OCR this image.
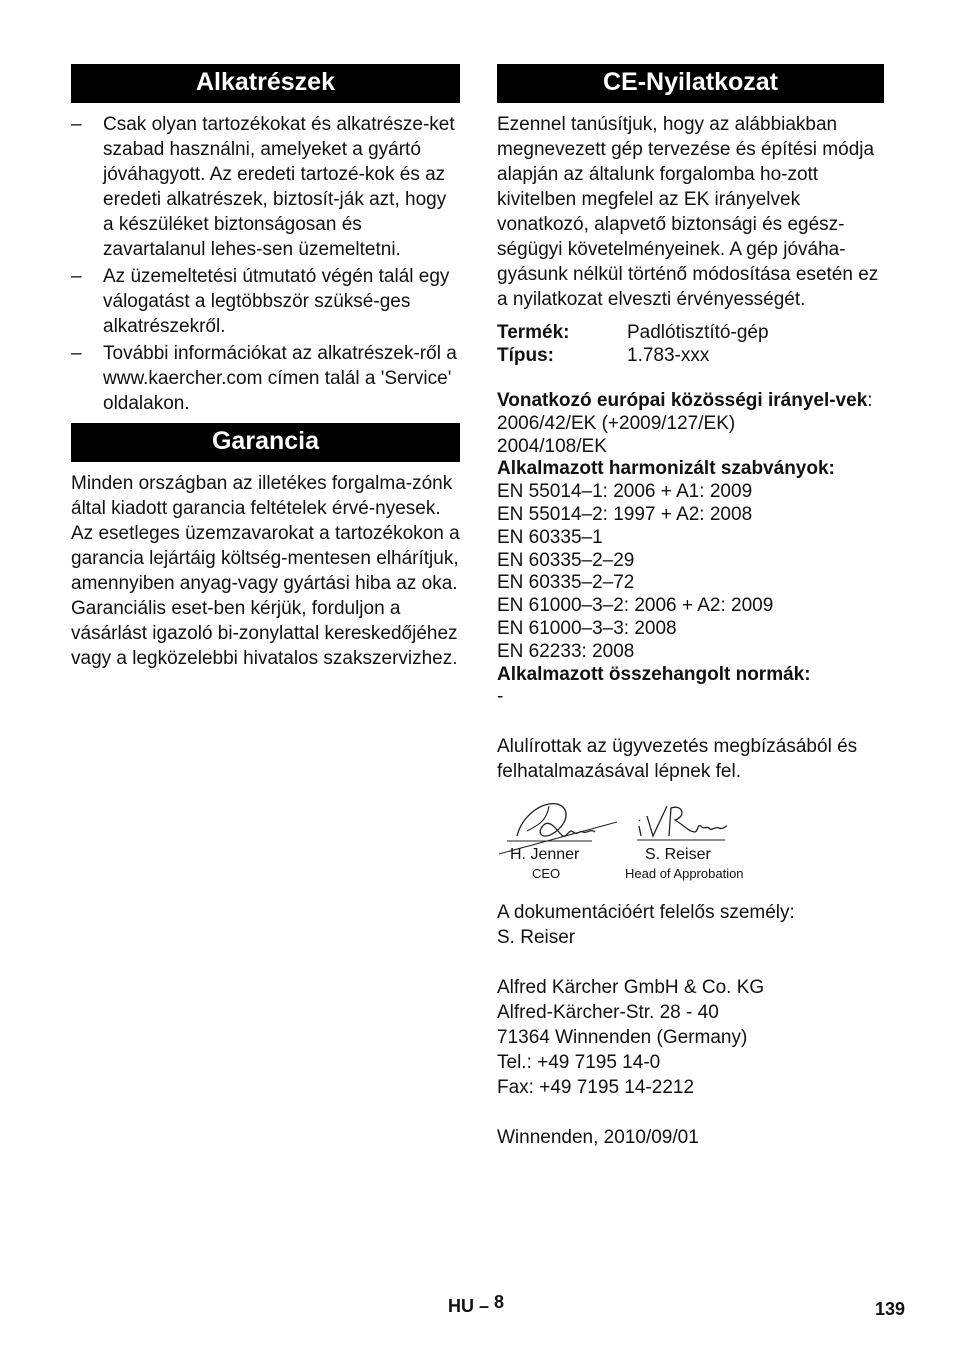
Alkatrészek
–	Csak olyan tartozékokat és alkatrésze-ket szabad használni, amelyeket a gyártó jóváhagyott. Az eredeti tartozé-kok és az eredeti alkatrészek, biztosít-ják azt, hogy a készüléket biztonságosan és zavartalanul lehes-sen üzemeltetni.
–	Az üzemeltetési útmutató végén talál egy válogatást a legtöbbször szüksé-ges alkatrészekről.
–	További információkat az alkatrészek-ről a www.kaercher.com címen talál a 'Service' oldalakon.
Garancia

Minden országban az illetékes forgalma-zónk által kiadott garancia feltételek érvé-nyesek. Az esetleges üzemzavarokat a tartozékokon a garancia lejártáig költség-mentesen elhárítjuk, amennyiben anyag-vagy gyártási hiba az oka. Garanciális eset-ben kérjük, forduljon a vásárlást igazoló bi-zonylattal kereskedőjéhez vagy a legközelebbi hivatalos szakszervizhez.

CE-Nyilatkozat

Ezennel tanúsítjuk, hogy az alábbiakban megnevezett gép tervezése és építési módja alapján az általunk forgalomba ho-zott kivitelben megfelel az EK irányelvek vonatkozó, alapvető biztonsági és egész-ségügyi követelményeinek. A gép jóváha-gyásunk nélkül történő módosítása esetén ez a nyilatkozat elveszti érvényességét.

Termék:	Padlótisztító-gép
Típus:	1.783-xxx
Vonatkozó európai közösségi irányel-vek:
2006/42/EK (+2009/127/EK)
2004/108/EK
Alkalmazott harmonizált szabványok:
EN 55014–1: 2006 + A1: 2009
EN 55014–2: 1997 + A2: 2008
EN 60335–1
EN 60335–2–29
EN 60335–2–72
EN 61000–3–2: 2006 + A2: 2009
EN 61000–3–3: 2008
EN 62233: 2008
Alkalmazott összehangolt normák:
-

Alulírottak az ügyvezetés megbízásából és felhatalmazásával lépnek fel.

H. Jenner
CEO
S. Reiser
Head of Approbation
A dokumentációért felelős személy:
S. Reiser
Alfred Kärcher GmbH & Co. KG
Alfred-Kärcher-Str. 28 - 40
71364 Winnenden (Germany)
Tel.: +49 7195 14-0
Fax: +49 7195 14-2212
Winnenden, 2010/09/01
HU – 8	139
